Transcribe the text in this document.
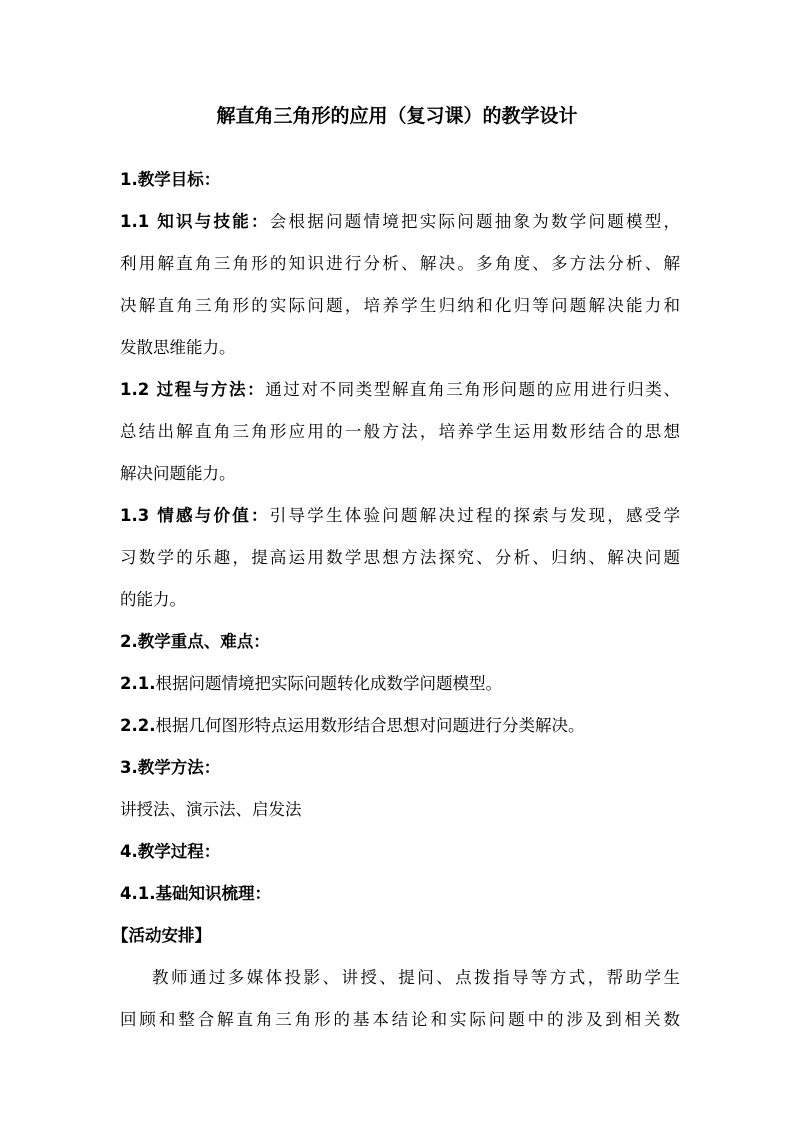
解直角三角形的应用（复习课）的教学设计
1.教学目标：
1.1 知识与技能：会根据问题情境把实际问题抽象为数学问题模型，
利用解直角三角形的知识进行分析、解决。多角度、多方法分析、解
决解直角三角形的实际问题，培养学生归纳和化归等问题解决能力和
发散思维能力。
1.2 过程与方法：通过对不同类型解直角三角形问题的应用进行归类、
总结出解直角三角形应用的一般方法，培养学生运用数形结合的思想
解决问题能力。
1.3 情感与价值：引导学生体验问题解决过程的探索与发现，感受学
习数学的乐趣，提高运用数学思想方法探究、分析、归纳、解决问题
的能力。
2.教学重点、难点：
2.1.根据问题情境把实际问题转化成数学问题模型。
2.2.根据几何图形特点运用数形结合思想对问题进行分类解决。
3.教学方法：
讲授法、演示法、启发法
4.教学过程：
4.1.基础知识梳理：
【活动安排】
教师通过多媒体投影、讲授、提问、点拨指导等方式，帮助学生
回顾和整合解直角三角形的基本结论和实际问题中的涉及到相关数
